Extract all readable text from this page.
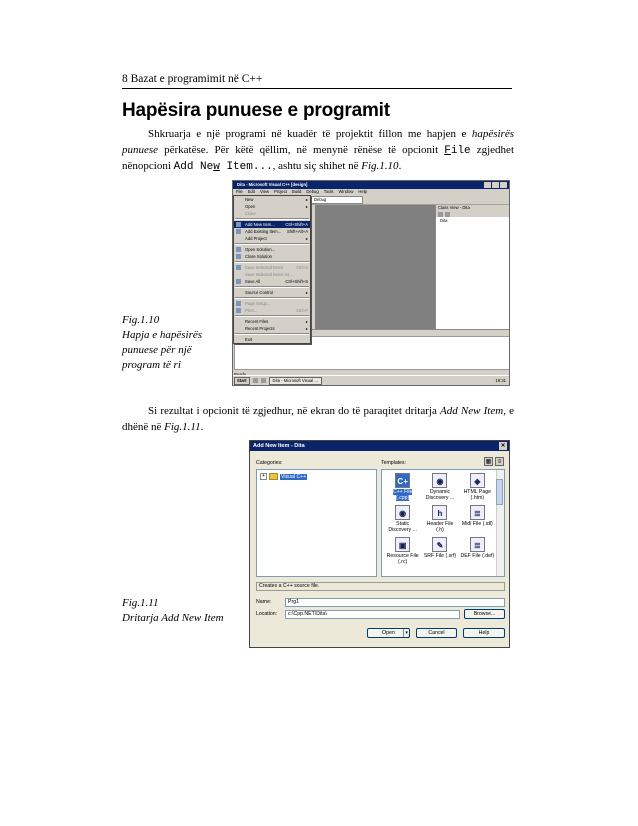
8 Bazat e programimit në C++
Hapësira punuese e programit

Shkruarja e një programi në kuadër të projektit fillon me hapjen e hapësirës punuese përkatëse. Për këtë qëllim, në menynë rënëse të opcionit File zgjedhet nënopcioni Add New Item..., ashtu siç shihet në Fig.1.10.

Fig.1.10
Hapja e hapësirës
punuese për një
program të ri
Dita - Microsoft Visual C++ [design]
File Edit View Project Build Debug Tools Window Help
Debug
Class View - Dita
Dita
Start	Dita - Microsoft Visual ...	19:31
New	▸
Open	▸
Close
Add New Item...	Ctrl+Shift+A
Add Existing Item... Shift+Alt+A
Add Project	▸
Open Solution...
Close Solution
Save Selected Items	Ctrl+S
Save Selected Items As...
Save All	Ctrl+Shift+S
Source Control	▸
Page Setup...
Print...	Ctrl+P
Recent Files	▸
Recent Projects	▸
Exit

Si rezultat i opcionit të zgjedhur, në ekran do të paraqitet dritarja Add New Item, e dhënë në Fig.1.11.

Fig.1.11
Dritarja Add New Item
Add New Item - Dita	✕
Categories:	Templates:	▦	≡
+	Visual C++
C+
C++ File
(.cpp)
◉
Dynamic
Discovery ...
◈
HTML Page
(.htm)
◉
Static
Discovery ...
h
Header File
(.h)
≣
Midl File (.idl)
▣
Resource File
(.rc)
✎
SRF File (.srf)
≣
DEF File (.def)
Creates a C++ source file.
Name:	Prg1
Location:	c:\Cpp.NET\Dita\	Browse...
Open	▾	Cancel	Help
